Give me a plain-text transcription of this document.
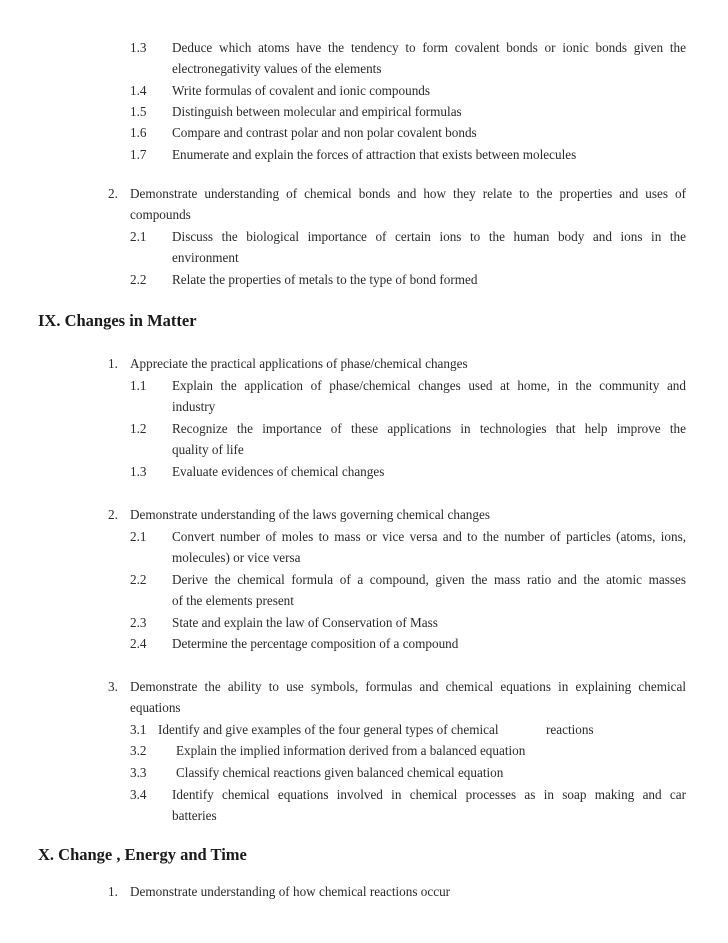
1.3 Deduce which atoms have the tendency to form covalent bonds or ionic bonds given the
electronegativity values of the elements
1.4 Write formulas of covalent and ionic compounds
1.5 Distinguish between molecular and empirical formulas
1.6 Compare and contrast polar and non polar covalent bonds
1.7 Enumerate and explain the forces of attraction that exists between molecules
2. Demonstrate understanding of chemical bonds and how they relate to the properties and uses of
compounds
2.1 Discuss the biological importance of certain ions to the human body and ions in the
environment
2.2 Relate the properties of metals to the type of bond formed
IX. Changes in Matter
1. Appreciate the practical applications of phase/chemical changes
1.1 Explain the application of phase/chemical changes used at home, in the community and
industry
1.2 Recognize the importance of these applications in technologies that help improve the
quality of life
1.3 Evaluate evidences of chemical changes
2. Demonstrate understanding of the laws governing chemical changes
2.1 Convert number of moles to mass or vice versa and to the number of particles (atoms, ions,
molecules) or vice versa
2.2 Derive the chemical formula of a compound, given the mass ratio and the atomic masses
of the elements present
2.3 State and explain the law of Conservation of Mass
2.4 Determine the percentage composition of a compound
3. Demonstrate the ability to use symbols, formulas and chemical equations in explaining chemical
equations
3.1 Identify and give examples of the four general types of chemical	reactions
3.2 Explain the implied information derived from a balanced equation
3.3 Classify chemical reactions given balanced chemical equation
3.4 Identify chemical equations involved in chemical processes as in soap making and car
batteries
X. Change , Energy and Time
1. Demonstrate understanding of how chemical reactions occur
